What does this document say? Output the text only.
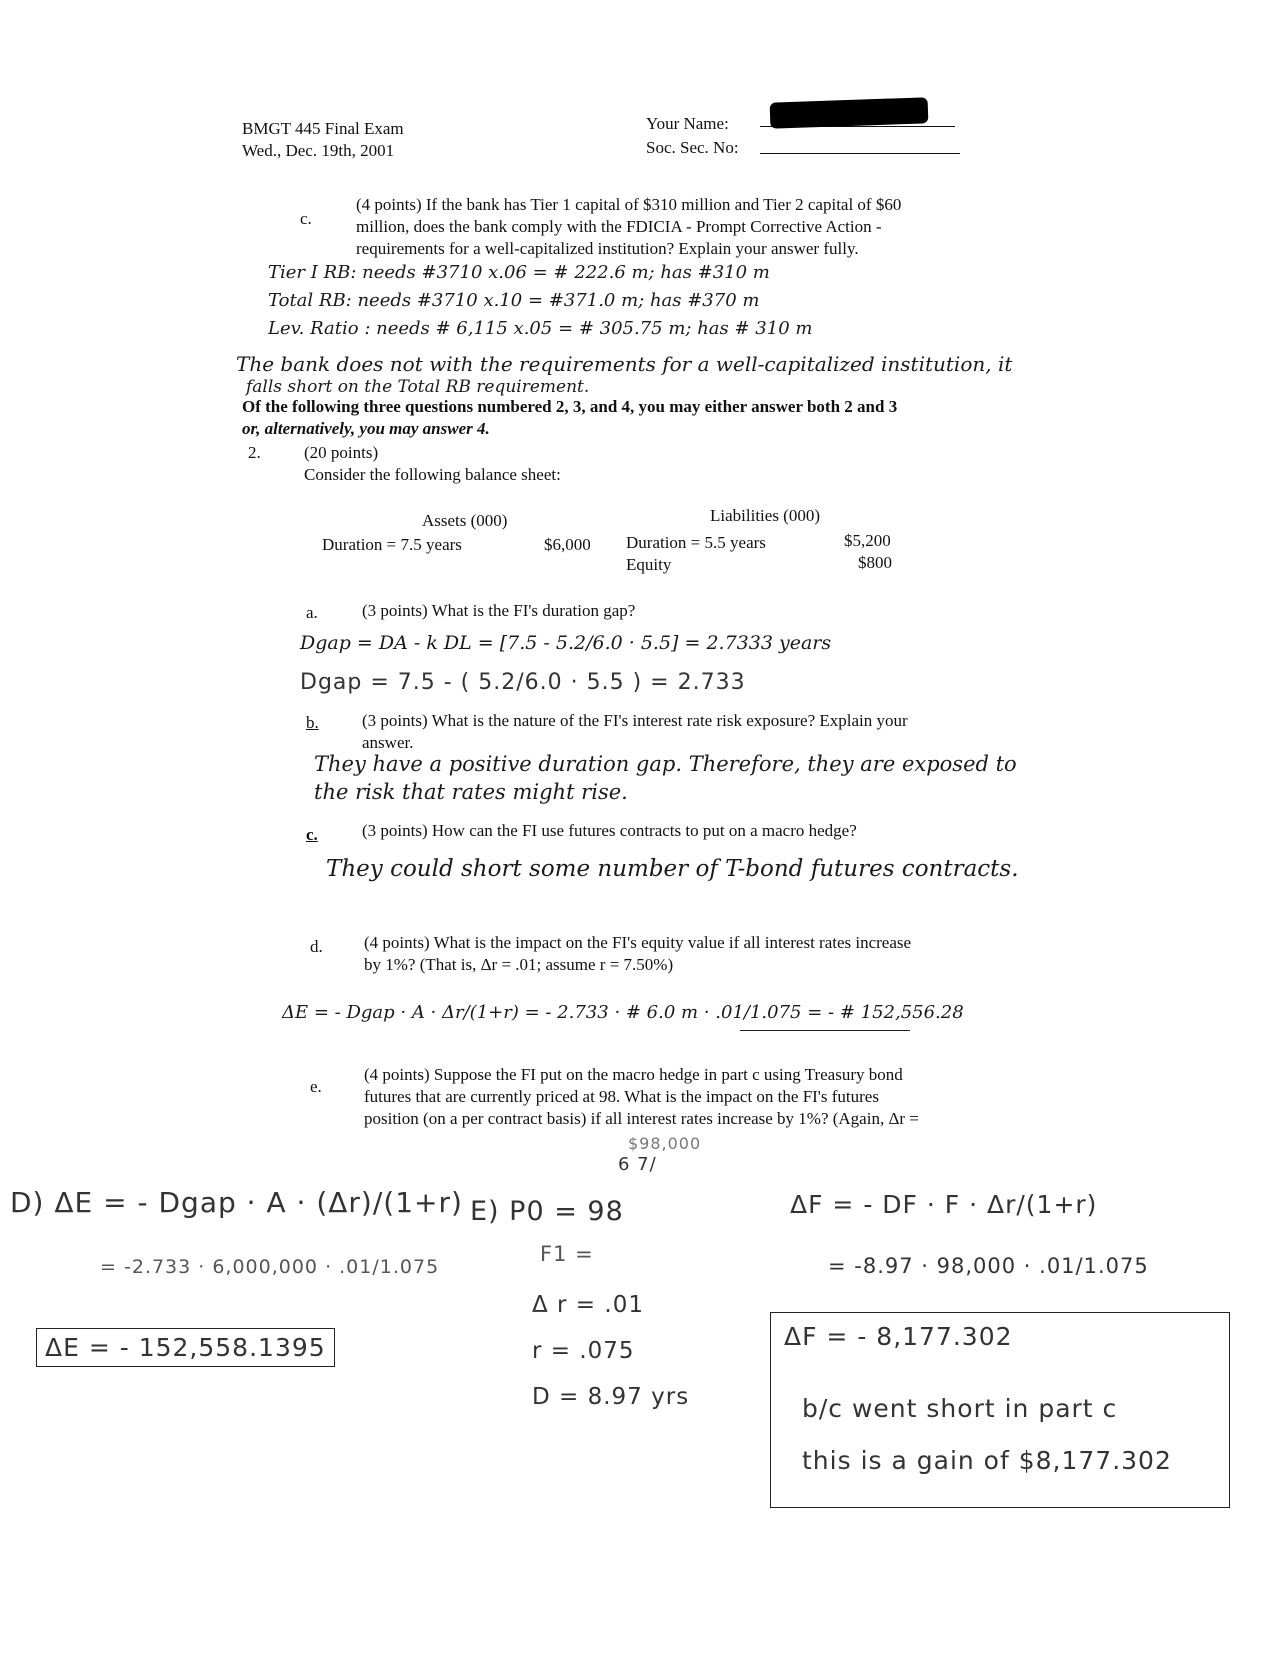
BMGT 445 Final Exam
Wed., Dec. 19th, 2001
Your Name:
Soc. Sec. No:
c.
(4 points) If the bank has Tier 1 capital of $310 million and Tier 2 capital of $60
million, does the bank comply with the FDICIA - Prompt Corrective Action -
requirements for a well-capitalized institution? Explain your answer fully.
Tier I RB: needs #3710 x.06 = # 222.6 m; has #310 m
Total RB: needs #3710 x.10 = #371.0 m; has #370 m
Lev. Ratio : needs # 6,115 x.05 = # 305.75 m; has # 310 m
The bank does not with the requirements for a well-capitalized institution, it
falls short on the Total RB requirement.
Of the following three questions numbered 2, 3, and 4, you may either answer both 2 and 3
or, alternatively, you may answer 4.
2.	(20 points)
Consider the following balance sheet:
Assets (000)	Liabilities (000)
Duration = 7.5 years	$6,000 Duration = 5.5 years	$5,200
Equity	$800
a.	(3 points) What is the FI's duration gap?
Dgap = DA - k DL = [7.5 - 5.2/6.0 · 5.5] = 2.7333 years
Dgap = 7.5 - ( 5.2/6.0 · 5.5 ) = 2.733
b.	(3 points) What is the nature of the FI's interest rate risk exposure? Explain your
answer.
They have a positive duration gap. Therefore, they are exposed to
the risk that rates might rise.
c.	(3 points) How can the FI use futures contracts to put on a macro hedge?
They could short some number of T-bond futures contracts.
d. (4 points) What is the impact on the FI's equity value if all interest rates increase
by 1%? (That is, Δr = .01; assume r = 7.50%)
ΔE = - Dgap · A · Δr/(1+r) = - 2.733 · # 6.0 m · .01/1.075 = - # 152,556.28
e.
(4 points) Suppose the FI put on the macro hedge in part c using Treasury bond
futures that are currently priced at 98. What is the impact on the FI's futures
position (on a per contract basis) if all interest rates increase by 1%? (Again, Δr =
$98,000
6 7/
D) ΔE = - Dgap · A · (Δr)/(1+r)
= -2.733 · 6,000,000 · .01/1.075
ΔE = - 152,558.1395
E) P0 = 98
F1 =
Δ r = .01
r = .075
D = 8.97 yrs
ΔF = - DF · F · Δr/(1+r)
= -8.97 · 98,000 · .01/1.075
ΔF = - 8,177.302
b/c went short in part c
this is a gain of $8,177.302
